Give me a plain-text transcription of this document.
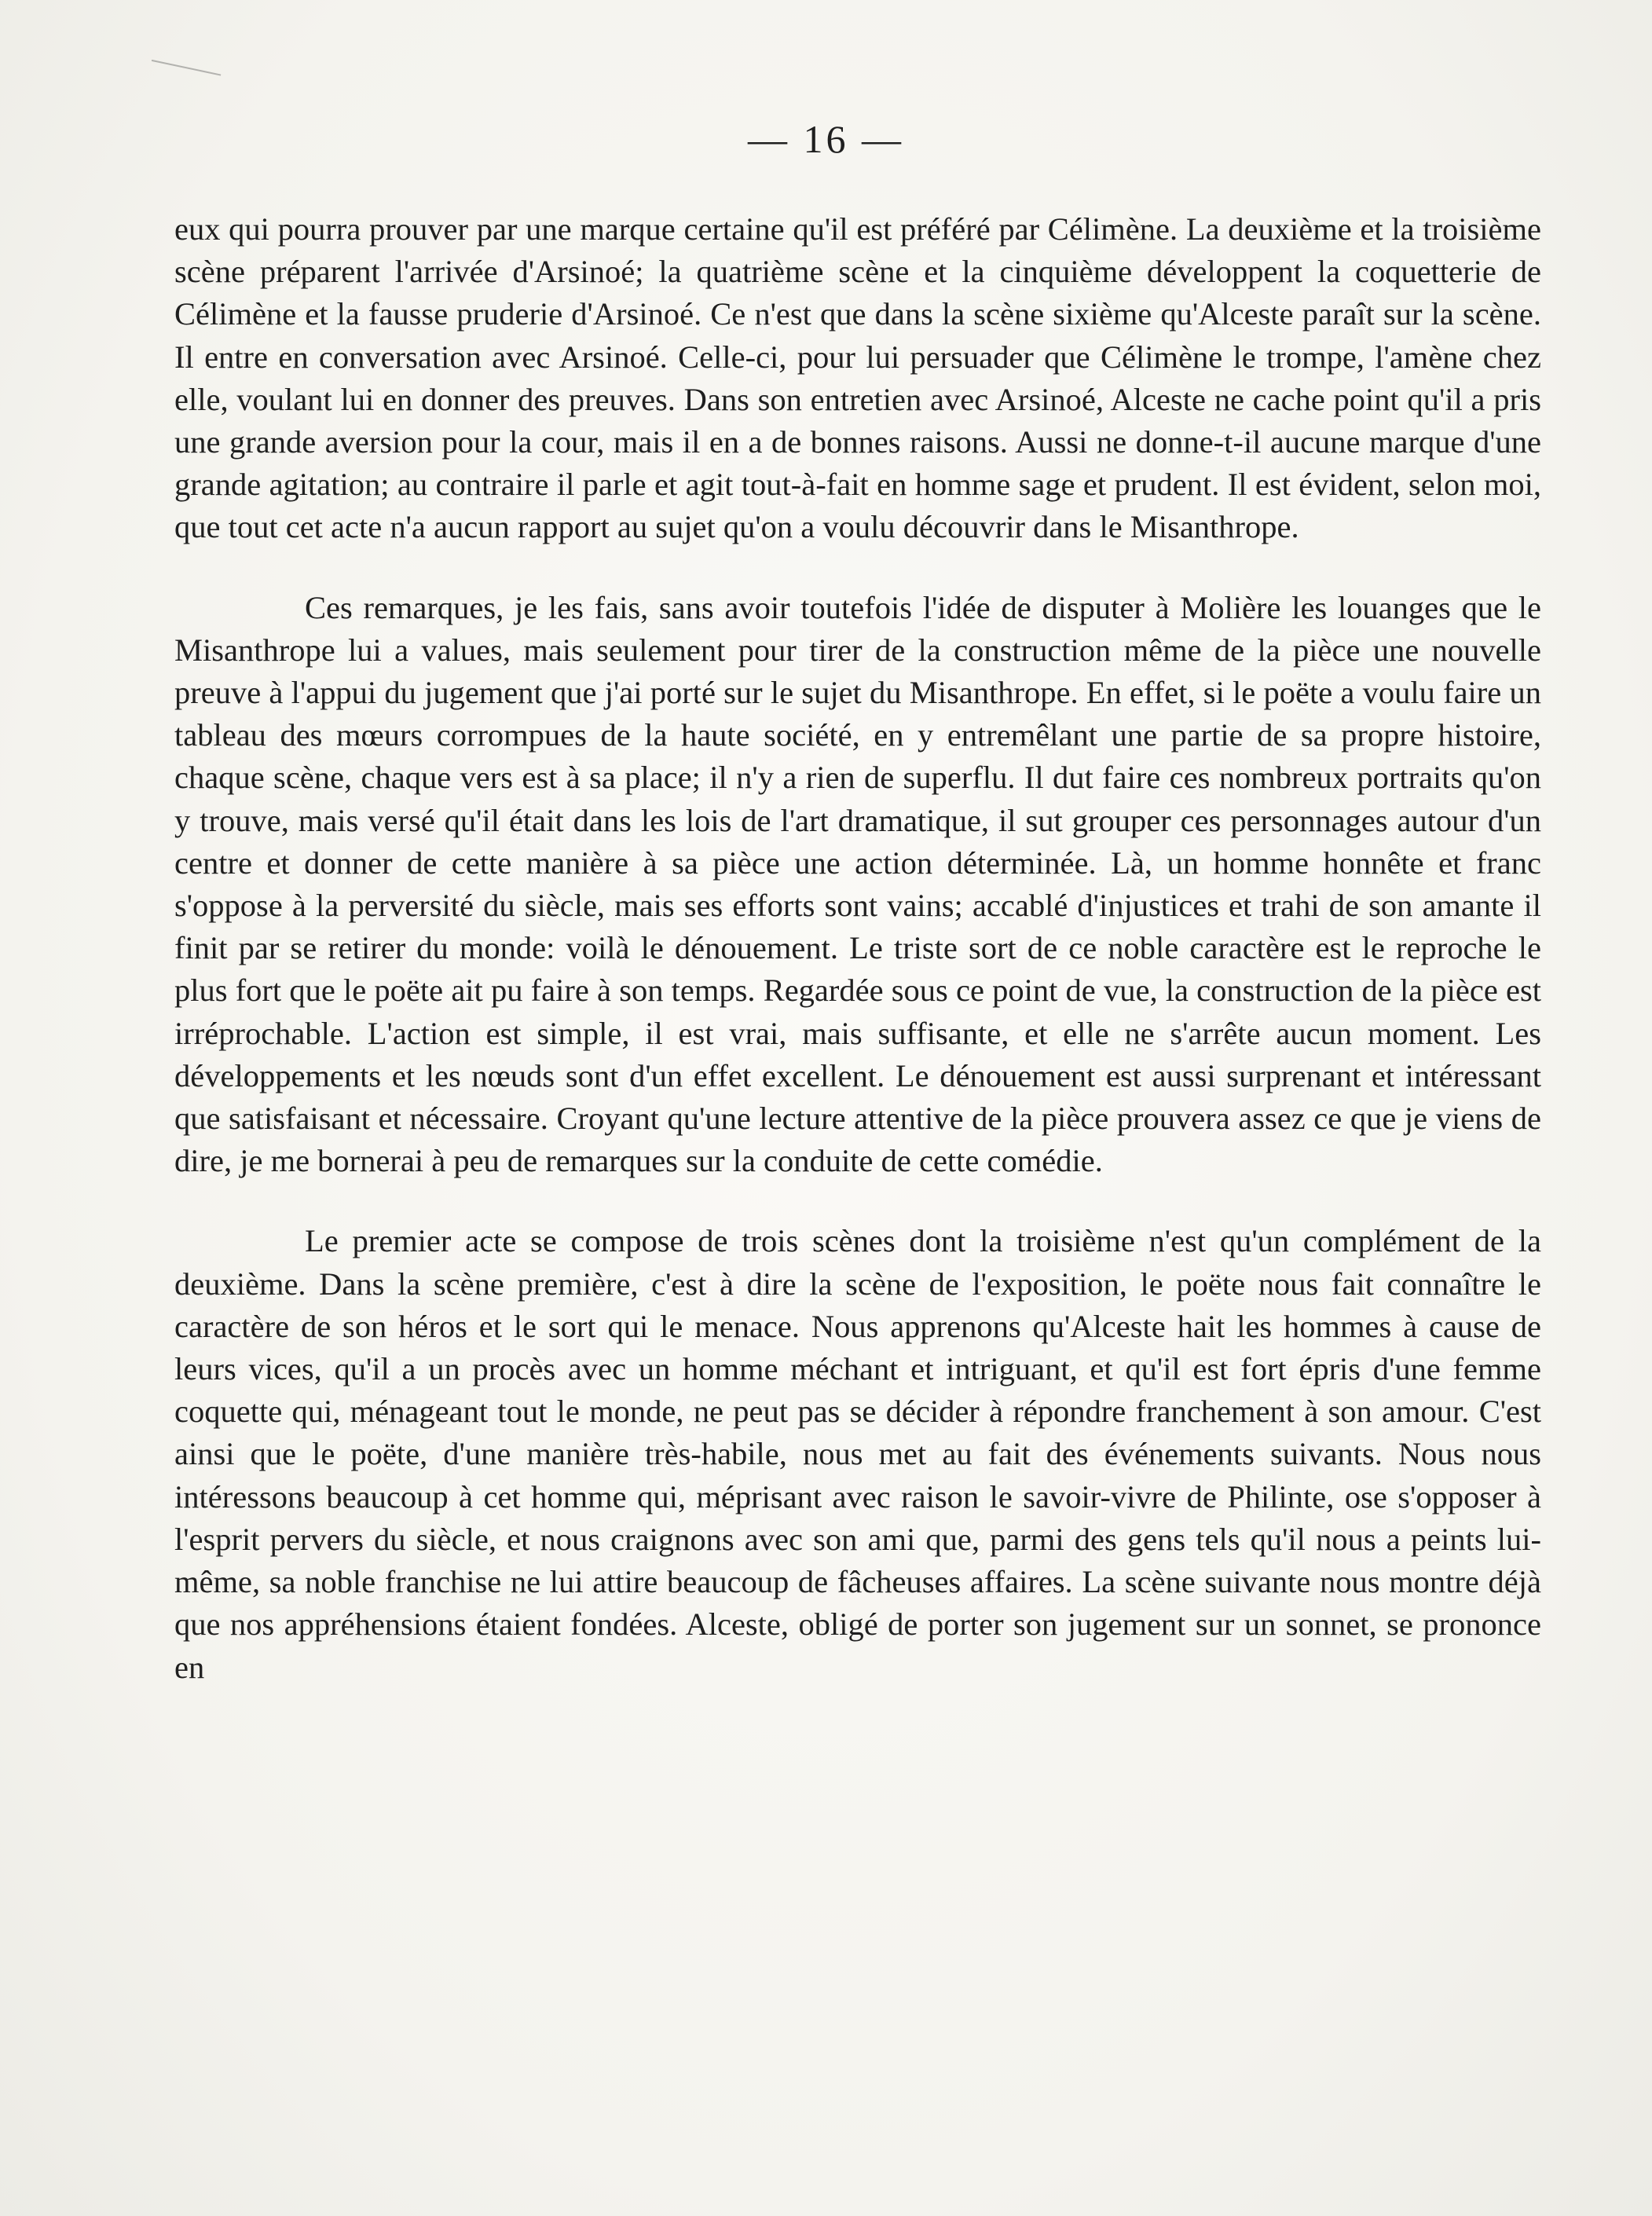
— 16 —

eux qui pourra prouver par une marque certaine qu'il est préféré par Célimène. La deuxième et la troisième scène préparent l'arrivée d'Arsinoé; la quatrième scène et la cinquième développent la coquetterie de Célimène et la fausse pruderie d'Arsinoé. Ce n'est que dans la scène sixième qu'Alceste paraît sur la scène. Il entre en conversation avec Arsinoé. Celle-ci, pour lui persuader que Célimène le trompe, l'amène chez elle, voulant lui en donner des preuves. Dans son entretien avec Arsinoé, Alceste ne cache point qu'il a pris une grande aversion pour la cour, mais il en a de bonnes raisons. Aussi ne donne-t-il aucune marque d'une grande agitation; au contraire il parle et agit tout-à-fait en homme sage et prudent. Il est évident, selon moi, que tout cet acte n'a aucun rapport au sujet qu'on a voulu découvrir dans le Misanthrope.

Ces remarques, je les fais, sans avoir toutefois l'idée de disputer à Molière les louanges que le Misanthrope lui a values, mais seulement pour tirer de la construction même de la pièce une nouvelle preuve à l'appui du jugement que j'ai porté sur le sujet du Misanthrope. En effet, si le poëte a voulu faire un tableau des mœurs corrompues de la haute société, en y entremêlant une partie de sa propre histoire, chaque scène, chaque vers est à sa place; il n'y a rien de superflu. Il dut faire ces nombreux portraits qu'on y trouve, mais versé qu'il était dans les lois de l'art dramatique, il sut grouper ces personnages autour d'un centre et donner de cette manière à sa pièce une action déterminée. Là, un homme honnête et franc s'oppose à la perversité du siècle, mais ses efforts sont vains; accablé d'injustices et trahi de son amante il finit par se retirer du monde: voilà le dénouement. Le triste sort de ce noble caractère est le reproche le plus fort que le poëte ait pu faire à son temps. Regardée sous ce point de vue, la construction de la pièce est irréprochable. L'action est simple, il est vrai, mais suffisante, et elle ne s'arrête aucun moment. Les développements et les nœuds sont d'un effet excellent. Le dénouement est aussi surprenant et intéressant que satisfaisant et nécessaire. Croyant qu'une lecture attentive de la pièce prouvera assez ce que je viens de dire, je me bornerai à peu de remarques sur la conduite de cette comédie.

Le premier acte se compose de trois scènes dont la troisième n'est qu'un complément de la deuxième. Dans la scène première, c'est à dire la scène de l'exposition, le poëte nous fait connaître le caractère de son héros et le sort qui le menace. Nous apprenons qu'Alceste hait les hommes à cause de leurs vices, qu'il a un procès avec un homme méchant et intriguant, et qu'il est fort épris d'une femme coquette qui, ménageant tout le monde, ne peut pas se décider à répondre franchement à son amour. C'est ainsi que le poëte, d'une manière très-habile, nous met au fait des événements suivants. Nous nous intéressons beaucoup à cet homme qui, méprisant avec raison le savoir-vivre de Philinte, ose s'opposer à l'esprit pervers du siècle, et nous craignons avec son ami que, parmi des gens tels qu'il nous a peints lui-même, sa noble franchise ne lui attire beaucoup de fâcheuses affaires. La scène suivante nous montre déjà que nos appréhensions étaient fondées. Alceste, obligé de porter son jugement sur un sonnet, se prononce en
